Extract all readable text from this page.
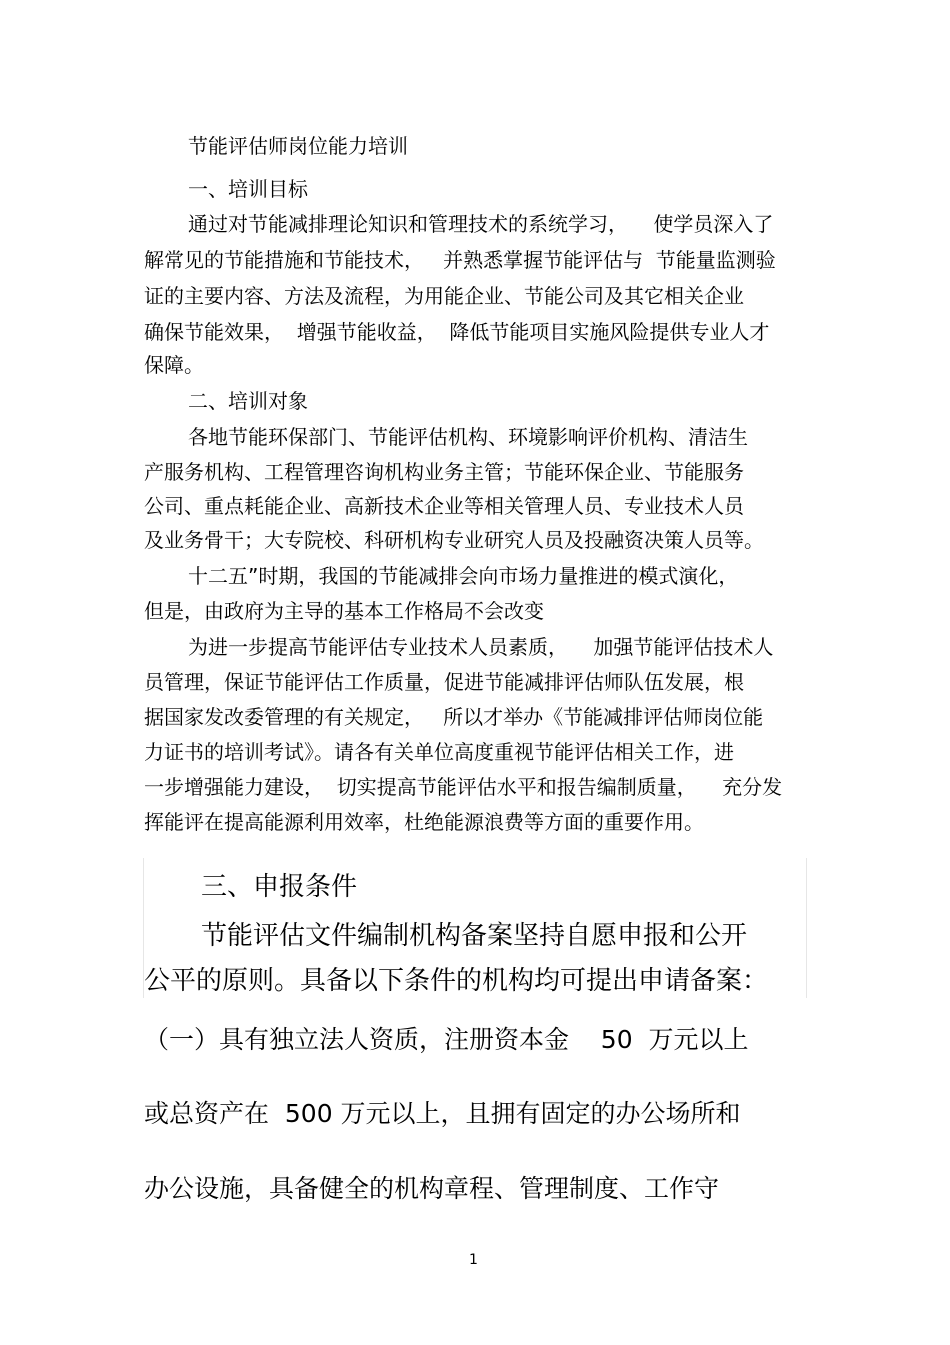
节能评估师岗位能力培训
一、培训目标
通过对节能减排理论知识和管理技术的系统学习，    使学员深入了
解常见的节能措施和节能技术，   并熟悉掌握节能评估与  节能量监测验
证的主要内容、方法及流程，为用能企业、节能公司及其它相关企业
确保节能效果，  增强节能收益，  降低节能项目实施风险提供专业人才
保障。
二、培训对象
各地节能环保部门、节能评估机构、环境影响评价机构、清洁生
产服务机构、工程管理咨询机构业务主管；节能环保企业、节能服务
公司、重点耗能企业、高新技术企业等相关管理人员、专业技术人员
及业务骨干；大专院校、科研机构专业研究人员及投融资决策人员等。
十二五”时期，我国的节能减排会向市场力量推进的模式演化，
但是，由政府为主导的基本工作格局不会改变
为进一步提高节能评估专业技术人员素质，    加强节能评估技术人
员管理，保证节能评估工作质量，促进节能减排评估师队伍发展，根
据国家发改委管理的有关规定，   所以才举办《节能减排评估师岗位能
力证书的培训考试》。请各有关单位高度重视节能评估相关工作，进
一步增强能力建设，  切实提高节能评估水平和报告编制质量，    充分发
挥能评在提高能源利用效率，杜绝能源浪费等方面的重要作用。
三、申报条件
节能评估文件编制机构备案坚持自愿申报和公开
公平的原则。具备以下条件的机构均可提出申请备案：
（一）具有独立法人资质，注册资本金    50  万元以上
或总资产在  500 万元以上，且拥有固定的办公场所和
办公设施，具备健全的机构章程、管理制度、工作守
1
